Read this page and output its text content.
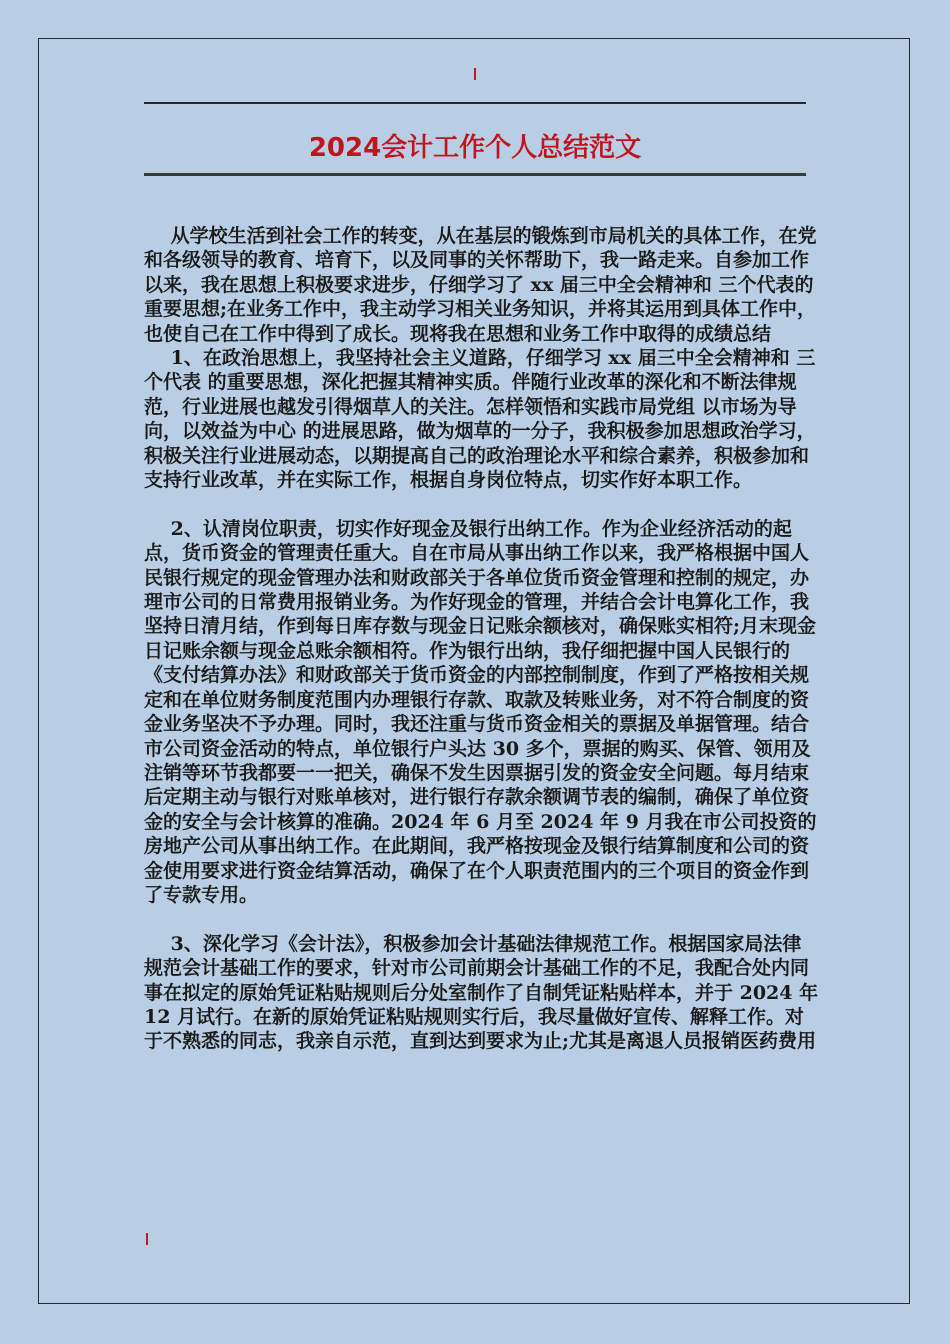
2024会计工作个人总结范文

从学校生活到社会工作的转变，从在基层的锻炼到市局机关的具体工作，在党和各级领导的教育、培育下，以及同事的关怀帮助下，我一路走来。自参加工作以来，我在思想上积极要求进步，仔细学习了 xx 届三中全会精神和 三个代表的重要思想;在业务工作中，我主动学习相关业务知识，并将其运用到具体工作中，也使自己在工作中得到了成长。现将我在思想和业务工作中取得的成绩总结

1、在政治思想上，我坚持社会主义道路，仔细学习 xx 届三中全会精神和 三个代表 的重要思想，深化把握其精神实质。伴随行业改革的深化和不断法律规范，行业进展也越发引得烟草人的关注。怎样领悟和实践市局党组 以市场为导向，以效益为中心 的进展思路，做为烟草的一分子，我积极参加思想政治学习，积极关注行业进展动态，以期提高自己的政治理论水平和综合素养，积极参加和支持行业改革，并在实际工作，根据自身岗位特点，切实作好本职工作。

2、认清岗位职责，切实作好现金及银行出纳工作。作为企业经济活动的起点，货币资金的管理责任重大。自在市局从事出纳工作以来，我严格根据中国人民银行规定的现金管理办法和财政部关于各单位货币资金管理和控制的规定，办理市公司的日常费用报销业务。为作好现金的管理，并结合会计电算化工作，我坚持日清月结，作到每日库存数与现金日记账余额核对，确保账实相符;月末现金日记账余额与现金总账余额相符。作为银行出纳，我仔细把握中国人民银行的《支付结算办法》和财政部关于货币资金的内部控制制度，作到了严格按相关规定和在单位财务制度范围内办理银行存款、取款及转账业务，对不符合制度的资金业务坚决不予办理。同时，我还注重与货币资金相关的票据及单据管理。结合市公司资金活动的特点，单位银行户头达 30 多个，票据的购买、保管、领用及注销等环节我都要一一把关，确保不发生因票据引发的资金安全问题。每月结束后定期主动与银行对账单核对，进行银行存款余额调节表的编制，确保了单位资金的安全与会计核算的准确。2024 年 6 月至 2024 年 9 月我在市公司投资的房地产公司从事出纳工作。在此期间，我严格按现金及银行结算制度和公司的资金使用要求进行资金结算活动，确保了在个人职责范围内的三个项目的资金作到了专款专用。

3、深化学习《会计法》，积极参加会计基础法律规范工作。根据国家局法律规范会计基础工作的要求，针对市公司前期会计基础工作的不足，我配合处内同事在拟定的原始凭证粘贴规则后分处室制作了自制凭证粘贴样本，并于 2024 年 12 月试行。在新的原始凭证粘贴规则实行后，我尽量做好宣传、解释工作。对于不熟悉的同志，我亲自示范，直到达到要求为止;尤其是离退人员报销医药费用
